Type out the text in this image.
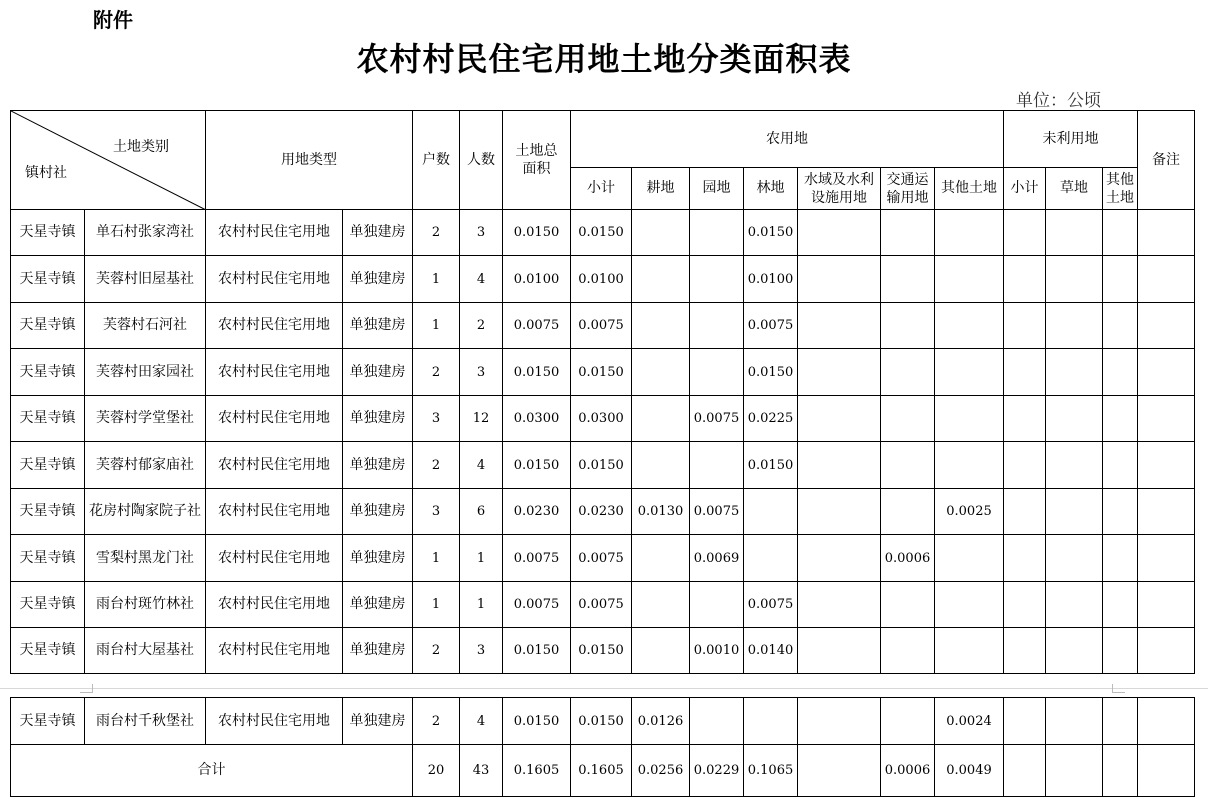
附件
农村村民住宅用地土地分类面积表
单位：公顷
土地类别
镇村社		用地类型		户数	人数	土地总面积	农用地							未利用地			备注
							小计	耕地	园地	林地	水域及水利设施用地	交通运输用地	其他土地	小计	草地	其他土地	
天星寺镇	单石村张家湾社	农村村民住宅用地	单独建房	2	3	0.0150	0.0150			0.0150							
天星寺镇	芙蓉村旧屋基社	农村村民住宅用地	单独建房	1	4	0.0100	0.0100			0.0100							
天星寺镇	芙蓉村石河社	农村村民住宅用地	单独建房	1	2	0.0075	0.0075			0.0075							
天星寺镇	芙蓉村田家园社	农村村民住宅用地	单独建房	2	3	0.0150	0.0150			0.0150							
天星寺镇	芙蓉村学堂堡社	农村村民住宅用地	单独建房	3	12	0.0300	0.0300		0.0075	0.0225							
天星寺镇	芙蓉村郁家庙社	农村村民住宅用地	单独建房	2	4	0.0150	0.0150			0.0150							
天星寺镇	花房村陶家院子社	农村村民住宅用地	单独建房	3	6	0.0230	0.0230	0.0130	0.0075				0.0025				
天星寺镇	雪梨村黑龙门社	农村村民住宅用地	单独建房	1	1	0.0075	0.0075		0.0069			0.0006					
天星寺镇	雨台村斑竹林社	农村村民住宅用地	单独建房	1	1	0.0075	0.0075			0.0075							
天星寺镇	雨台村大屋基社	农村村民住宅用地	单独建房	2	3	0.0150	0.0150		0.0010	0.0140							
天星寺镇	雨台村千秋堡社	农村村民住宅用地	单独建房	2	4	0.0150	0.0150	0.0126					0.0024				
合计				20	43	0.1605	0.1605	0.0256	0.0229	0.1065		0.0006	0.0049				
